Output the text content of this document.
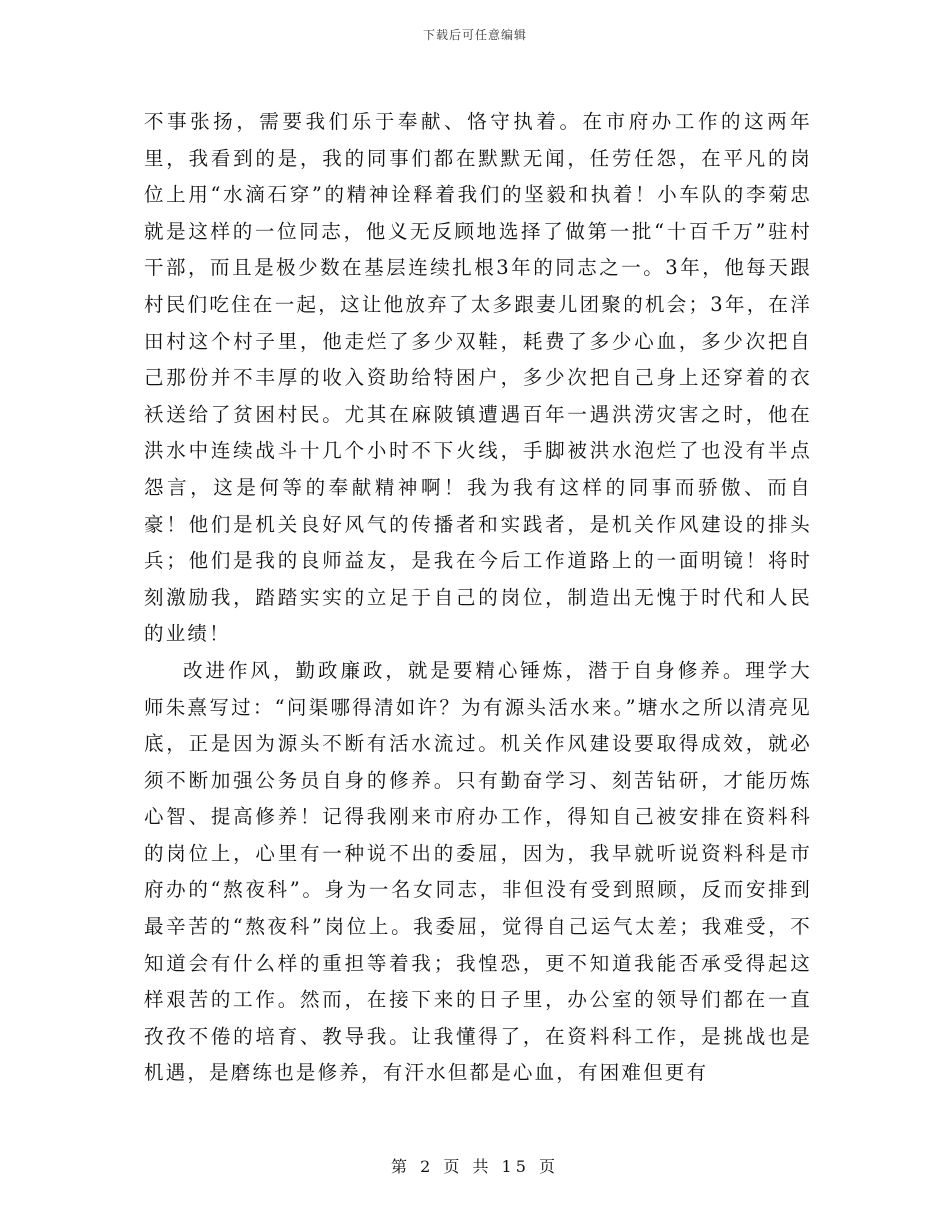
下载后可任意编辑

不事张扬，需要我们乐于奉献、恪守执着。在市府办工作的这两年里，我看到的是，我的同事们都在默默无闻，任劳任怨，在平凡的岗位上用“水滴石穿”的精神诠释着我们的坚毅和执着！小车队的李菊忠就是这样的一位同志，他义无反顾地选择了做第一批“十百千万”驻村干部，而且是极少数在基层连续扎根3年的同志之一。3年，他每天跟村民们吃住在一起，这让他放弃了太多跟妻儿团聚的机会；3年，在洋田村这个村子里，他走烂了多少双鞋，耗费了多少心血，多少次把自己那份并不丰厚的收入资助给特困户，多少次把自己身上还穿着的衣袄送给了贫困村民。尤其在麻陂镇遭遇百年一遇洪涝灾害之时，他在洪水中连续战斗十几个小时不下火线，手脚被洪水泡烂了也没有半点怨言，这是何等的奉献精神啊！我为我有这样的同事而骄傲、而自豪！他们是机关良好风气的传播者和实践者，是机关作风建设的排头兵；他们是我的良师益友，是我在今后工作道路上的一面明镜！将时刻激励我，踏踏实实的立足于自己的岗位，制造出无愧于时代和人民的业绩！

改进作风，勤政廉政，就是要精心锤炼，潜于自身修养。理学大师朱熹写过：“问渠哪得清如许？为有源头活水来。”塘水之所以清亮见底，正是因为源头不断有活水流过。机关作风建设要取得成效，就必须不断加强公务员自身的修养。只有勤奋学习、刻苦钻研，才能历炼心智、提高修养！记得我刚来市府办工作，得知自己被安排在资料科的岗位上，心里有一种说不出的委屈，因为，我早就听说资料科是市府办的“熬夜科”。身为一名女同志，非但没有受到照顾，反而安排到最辛苦的“熬夜科”岗位上。我委屈，觉得自己运气太差；我难受，不知道会有什么样的重担等着我；我惶恐，更不知道我能否承受得起这样艰苦的工作。然而，在接下来的日子里，办公室的领导们都在一直孜孜不倦的培育、教导我。让我懂得了，在资料科工作，是挑战也是机遇，是磨练也是修养，有汗水但都是心血，有困难但更有

第 2 页 共 15 页
